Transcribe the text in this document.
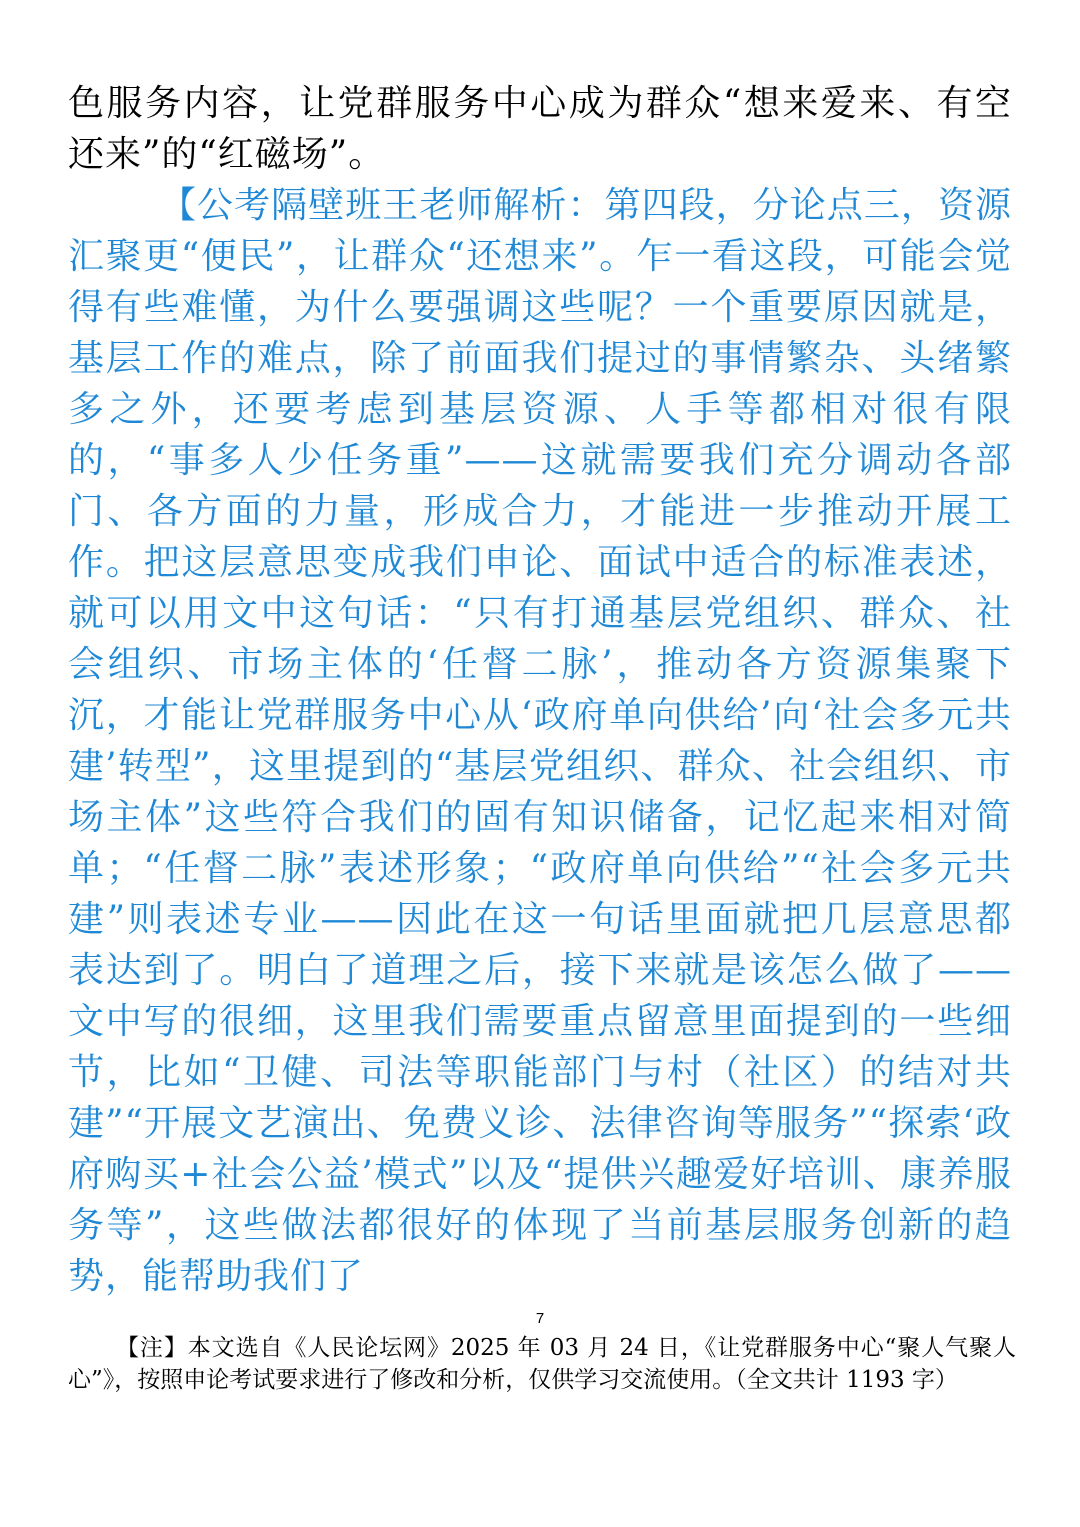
色服务内容，让党群服务中心成为群众“想来爱来、有空还来”的“红磁场”。

【公考隔壁班王老师解析：第四段，分论点三，资源汇聚更“便民”，让群众“还想来”。乍一看这段，可能会觉得有些难懂，为什么要强调这些呢？一个重要原因就是，基层工作的难点，除了前面我们提过的事情繁杂、头绪繁多之外，还要考虑到基层资源、人手等都相对很有限的，“事多人少任务重”——这就需要我们充分调动各部门、各方面的力量，形成合力，才能进一步推动开展工作。把这层意思变成我们申论、面试中适合的标准表述，就可以用文中这句话：“只有打通基层党组织、群众、社会组织、市场主体的‘任督二脉’，推动各方资源集聚下沉，才能让党群服务中心从‘政府单向供给’向‘社会多元共建’转型”，这里提到的“基层党组织、群众、社会组织、市场主体”这些符合我们的固有知识储备，记忆起来相对简单；“任督二脉”表述形象；“政府单向供给”“社会多元共建”则表述专业——因此在这一句话里面就把几层意思都表达到了。明白了道理之后，接下来就是该怎么做了——文中写的很细，这里我们需要重点留意里面提到的一些细节，比如“卫健、司法等职能部门与村（社区）的结对共建”“开展文艺演出、免费义诊、法律咨询等服务”“探索‘政府购买+社会公益’模式”以及“提供兴趣爱好培训、康养服务等”，这些做法都很好的体现了当前基层服务创新的趋势，能帮助我们了

7

【注】本文选自《人民论坛网》2025 年 03 月 24 日，《让党群服务中心“聚人气聚人心”》，按照申论考试要求进行了修改和分析，仅供学习交流使用。（全文共计 1193 字）
